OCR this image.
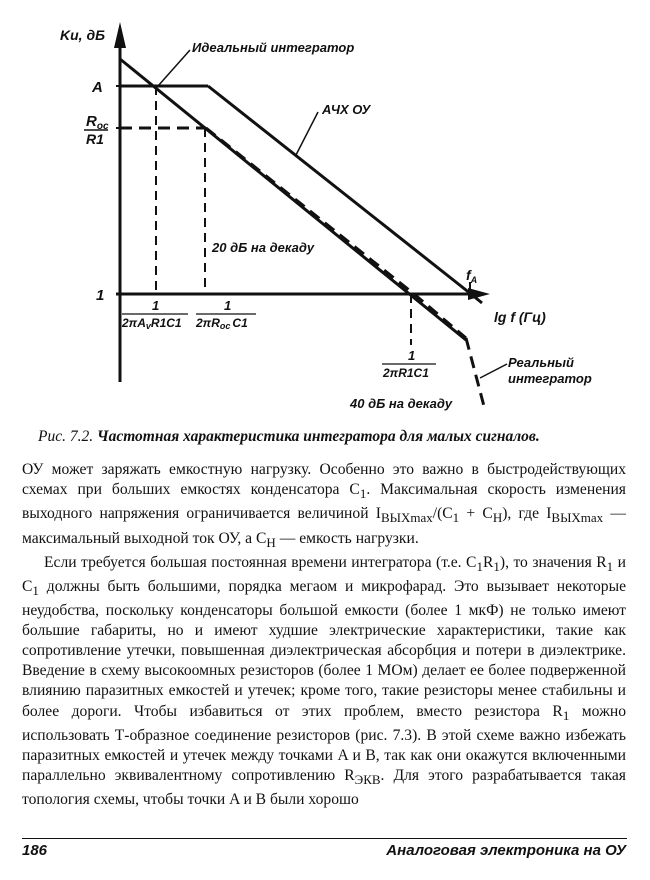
Ku, дБ
A
$R_{oc}$
R1
1
Идеальный интегратор
АЧХ ОУ
20 дБ на декаду
$f_A$
lg f (Гц)
1
2πAvR1C1
1
2πRoc C1
1
2πR1C1
Реальный
интегратор
40 дБ на декаду
Рис. 7.2. Частотная характеристика интегратора для малых сигналов.

ОУ может заряжать емкостную нагрузку. Особенно это важно в быстродействующих схемах при больших емкостях конденсатора $C_1$. Максимальная скорость изменения выходного напряжения ограничивается величиной $I_{ВЫХmax}/(C_1 + C_Н)$, где $I_{ВЫХmax}$ — максимальный выходной ток ОУ, а $C_Н$ — емкость нагрузки.

Если требуется большая постоянная времени интегратора (т.е. $C_1R_1$), то значения $R_1$ и $C_1$ должны быть большими, порядка мегаом и микрофарад. Это вызывает некоторые неудобства, поскольку конденсаторы большой емкости (более 1 мкФ) не только имеют большие габариты, но и имеют худшие электрические характеристики, такие как сопротивление утечки, повышенная диэлектрическая абсорбция и потери в диэлектрике. Введение в схему высокоомных резисторов (более 1 МОм) делает ее более подверженной влиянию паразитных емкостей и утечек; кроме того, такие резисторы менее стабильны и более дороги. Чтобы избавиться от этих проблем, вместо резистора $R_1$ можно использовать Т-образное соединение резисторов (рис. 7.3). В этой схеме важно избежать паразитных емкостей и утечек между точками A и B, так как они окажутся включенными параллельно эквивалентному сопротивлению $R_{ЭКВ}$. Для этого разрабатывается такая топология схемы, чтобы точки A и B были хорошо

186	Аналоговая электроника на ОУ
